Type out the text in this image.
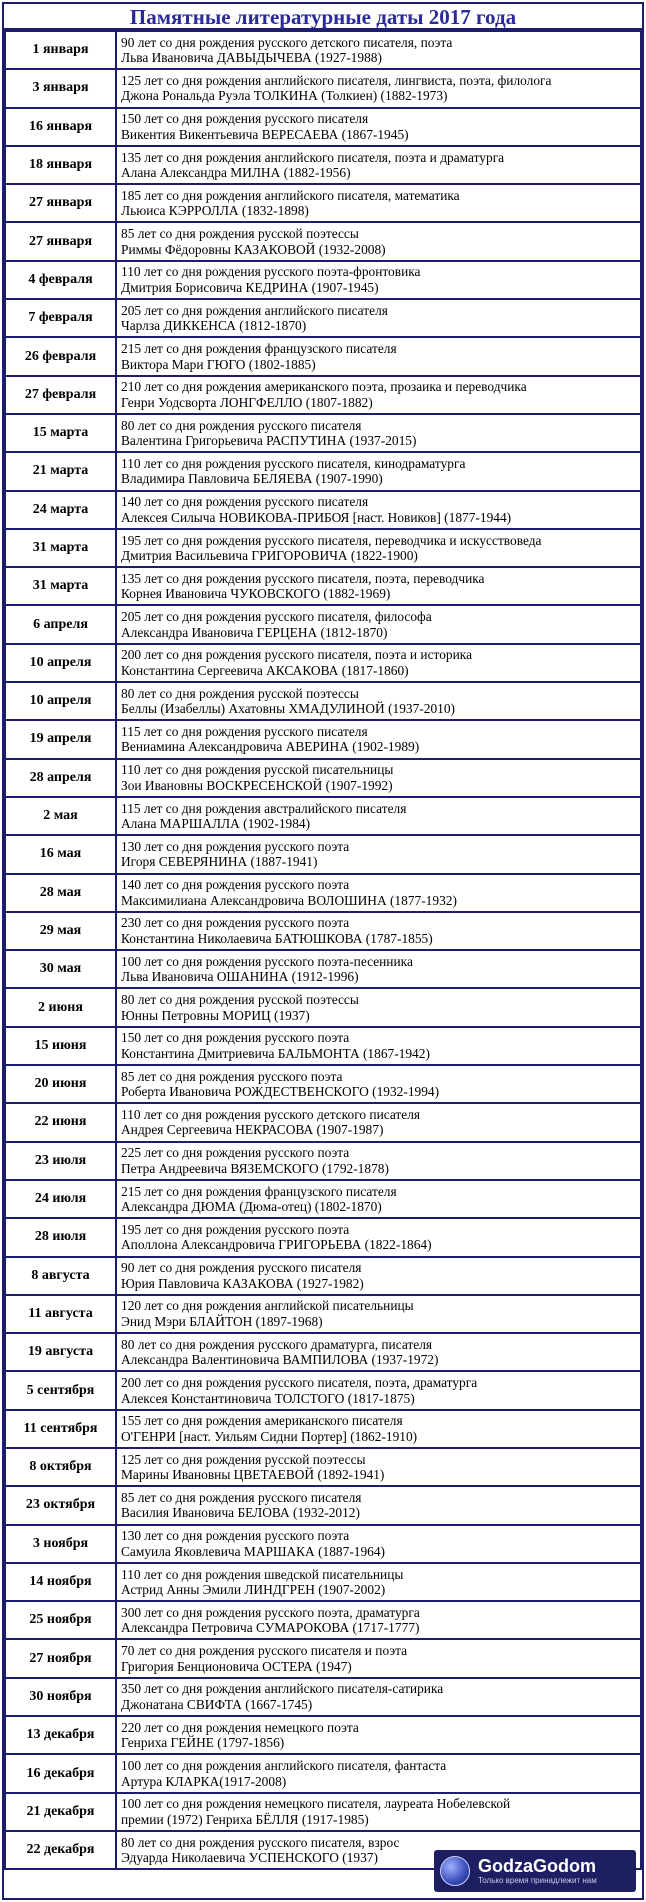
Памятные литературные даты 2017 года
1 января	90 лет со дня рождения русского детского писателя, поэта
Льва Ивановича ДАВЫДЫЧЕВА (1927-1988)

3 января	125 лет со дня рождения английского писателя, лингвиста, поэта, филолога
Джона Рональда Руэла ТОЛКИНА (Толкиен) (1882-1973)

16 января	150 лет со дня рождения русского писателя
Викентия Викентьевича ВЕРЕСАЕВА (1867-1945)

18 января	135 лет со дня рождения английского писателя, поэта и драматурга
Алана Александра МИЛНА (1882-1956)

27 января	185 лет со дня рождения английского писателя, математика
Льюиса КЭРРОЛЛА (1832-1898)

27 января	85 лет со дня рождения русской поэтессы
Риммы Фёдоровны КАЗАКОВОЙ (1932-2008)

4 февраля	110 лет со дня рождения русского поэта-фронтовика
Дмитрия Борисовича КЕДРИНА (1907-1945)

7 февраля	205 лет со дня рождения английского писателя
Чарлза ДИККЕНСА (1812-1870)

26 февраля	215 лет со дня рождения французского писателя
Виктора Мари ГЮГО (1802-1885)

27 февраля	210 лет со дня рождения американского поэта, прозаика и переводчика
Генри Уодсворта ЛОНГФЕЛЛО (1807-1882)

15 марта	80 лет со дня рождения русского писателя
Валентина Григорьевича РАСПУТИНА (1937-2015)

21 марта	110 лет со дня рождения русского писателя, кинодраматурга
Владимира Павловича БЕЛЯЕВА (1907-1990)

24 марта	140 лет со дня рождения русского писателя
Алексея Силыча НОВИКОВА-ПРИБОЯ [наст. Новиков] (1877-1944)

31 марта	195 лет со дня рождения русского писателя, переводчика и искусствоведа
Дмитрия Васильевича ГРИГОРОВИЧА (1822-1900)

31 марта	135 лет со дня рождения русского писателя, поэта, переводчика
Корнея Ивановича ЧУКОВСКОГО (1882-1969)

6 апреля	205 лет со дня рождения русского писателя, философа
Александра Ивановича ГЕРЦЕНА (1812-1870)

10 апреля	200 лет со дня рождения русского писателя, поэта и историка
Константина Сергеевича АКСАКОВА (1817-1860)

10 апреля	80 лет со дня рождения русской поэтессы
Беллы (Изабеллы) Ахатовны ХМАДУЛИНОЙ (1937-2010)

19 апреля	115 лет со дня рождения русского писателя
Вениамина Александровича АВЕРИНА (1902-1989)

28 апреля	110 лет со дня рождения русской писательницы
Зои Ивановны ВОСКРЕСЕНСКОЙ (1907-1992)

2 мая	115 лет со дня рождения австралийского писателя
Алана МАРШАЛЛА (1902-1984)

16 мая	130 лет со дня рождения русского поэта
Игоря СЕВЕРЯНИНА (1887-1941)

28 мая	140 лет со дня рождения русского поэта
Максимилиана Александровича ВОЛОШИНА (1877-1932)

29 мая	230 лет со дня рождения русского поэта
Константина Николаевича БАТЮШКОВА (1787-1855)

30 мая	100 лет со дня рождения русского поэта-песенника
Льва Ивановича ОШАНИНА (1912-1996)

2 июня	80 лет со дня рождения русской поэтессы
Юнны Петровны МОРИЦ (1937)

15 июня	150 лет со дня рождения русского поэта
Константина Дмитриевича БАЛЬМОНТА (1867-1942)

20 июня	85 лет со дня рождения русского поэта
Роберта Ивановича РОЖДЕСТВЕНСКОГО (1932-1994)

22 июня	110 лет со дня рождения русского детского писателя
Андрея Сергеевича НЕКРАСОВА (1907-1987)

23 июля	225 лет со дня рождения русского поэта
Петра Андреевича ВЯЗЕМСКОГО (1792-1878)

24 июля	215 лет со дня рождения французского писателя
Александра ДЮМА (Дюма-отец) (1802-1870)

28 июля	195 лет со дня рождения русского поэта
Аполлона Александровича ГРИГОРЬЕВА (1822-1864)

8 августа	90 лет со дня рождения русского писателя
Юрия Павловича КАЗАКОВА (1927-1982)

11 августа	120 лет со дня рождения английской писательницы
Энид Мэри БЛАЙТОН (1897-1968)

19 августа	80 лет со дня рождения русского драматурга, писателя
Александра Валентиновича ВАМПИЛОВА (1937-1972)

5 сентября	200 лет со дня рождения русского писателя, поэта, драматурга
Алексея Константиновича ТОЛСТОГО (1817-1875)

11 сентября	155 лет со дня рождения американского писателя
О'ГЕНРИ [наст. Уильям Сидни Портер] (1862-1910)

8 октября	125 лет со дня рождения русской поэтессы
Марины Ивановны ЦВЕТАЕВОЙ (1892-1941)

23 октября	85 лет со дня рождения русского писателя
Василия Ивановича БЕЛОВА (1932-2012)

3 ноября	130 лет со дня рождения русского поэта
Самуила Яковлевича МАРШАКА (1887-1964)

14 ноября	110 лет со дня рождения шведской писательницы
Астрид Анны Эмили ЛИНДГРЕН (1907-2002)

25 ноября	300 лет со дня рождения русского поэта, драматурга
Александра Петровича СУМАРОКОВА (1717-1777)

27 ноября	70 лет со дня рождения русского писателя и поэта
Григория Бенционовича ОСТЕРА (1947)

30 ноября	350 лет со дня рождения английского писателя-сатирика
Джонатана СВИФТА (1667-1745)

13 декабря	220 лет со дня рождения немецкого поэта
Генриха ГЕЙНЕ (1797-1856)

16 декабря	100 лет со дня рождения английского писателя, фантаста
Артура КЛАРКА(1917-2008)

21 декабря	100 лет со дня рождения немецкого писателя, лауреата Нобелевской
премии (1972) Генриха БЁЛЛЯ (1917-1985)

22 декабря	80 лет со дня рождения русского писателя, взрос
Эдуарда Николаевича УСПЕНСКОГО (1937)	GodzaGodom
Только время принадлежит нам
